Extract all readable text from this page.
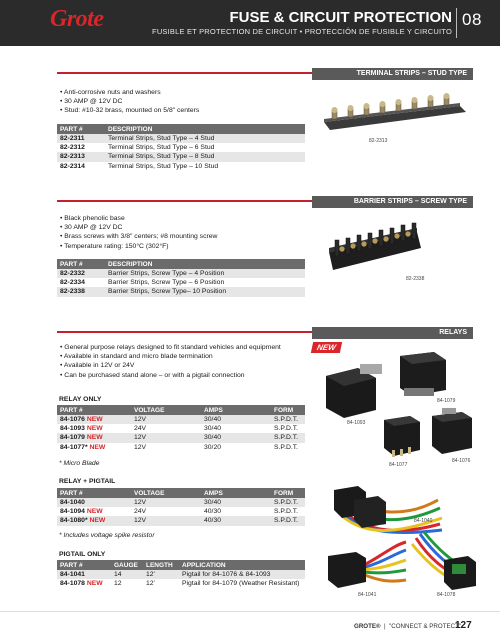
Grote	FUSE & CIRCUIT PROTECTION
FUSIBLE ET PROTECTION DE CIRCUIT • PROTECCIÓN DE FUSIBLE Y CIRCUITO
08
TERMINAL STRIPS – STUD TYPE
• Anti-corrosive nuts and washers
• 30 AMP @ 12V DC
• Stud: #10-32 brass, mounted on 5/8" centers
PART #	DESCRIPTION
82-2311	Terminal Strips, Stud Type – 4 Stud
82-2312	Terminal Strips, Stud Type – 6 Stud
82-2313	Terminal Strips, Stud Type – 8 Stud
82-2314	Terminal Strips, Stud Type – 10 Stud
82-2313
BARRIER STRIPS – SCREW TYPE
• Black phenolic base
• 30 AMP @ 12V DC
• Brass screws with 3/8" centers; #8 mounting screw
• Temperature rating: 150°C (302°F)
PART #	DESCRIPTION
82-2332	Barrier Strips, Screw Type – 4 Position
82-2334	Barrier Strips, Screw Type – 6 Position
82-2338	Barrier Strips, Screw Type– 10 Position
82-2338
RELAYS
• General purpose relays designed to fit standard vehicles and equipment
• Available in standard and micro blade termination
• Available in 12V or 24V
• Can be purchased stand alone – or with a pigtail connection
RELAY ONLY
PART #	VOLTAGE	AMPS	FORM
84-1076 NEW	12V	30/40	S.P.D.T.
84-1093 NEW	24V	30/40	S.P.D.T.
84-1079 NEW	12V	30/40	S.P.D.T.
84-1077* NEW	12V	30/20	S.P.D.T.
* Micro Blade
RELAY + PIGTAIL
PART #	VOLTAGE	AMPS	FORM
84-1040	12V	30/40	S.P.D.T.
84-1094 NEW	24V	40/30	S.P.D.T.
84-1080* NEW	12V	40/30	S.P.D.T.
* Includes voltage spike resistor
PIGTAIL ONLY
PART #	GAUGE	LENGTH	APPLICATION
84-1041	14	12'	Pigtail for 84-1076 & 84-1093
84-1078 NEW	12	12'	Pigtail for 84-1079 (Weather Resistant)
NEW
84-1079
84-1093
84-1077
84-1076
84-1040
84-1041	84-1078
GROTE®  |  "CONNECT & PROTECT"
127
